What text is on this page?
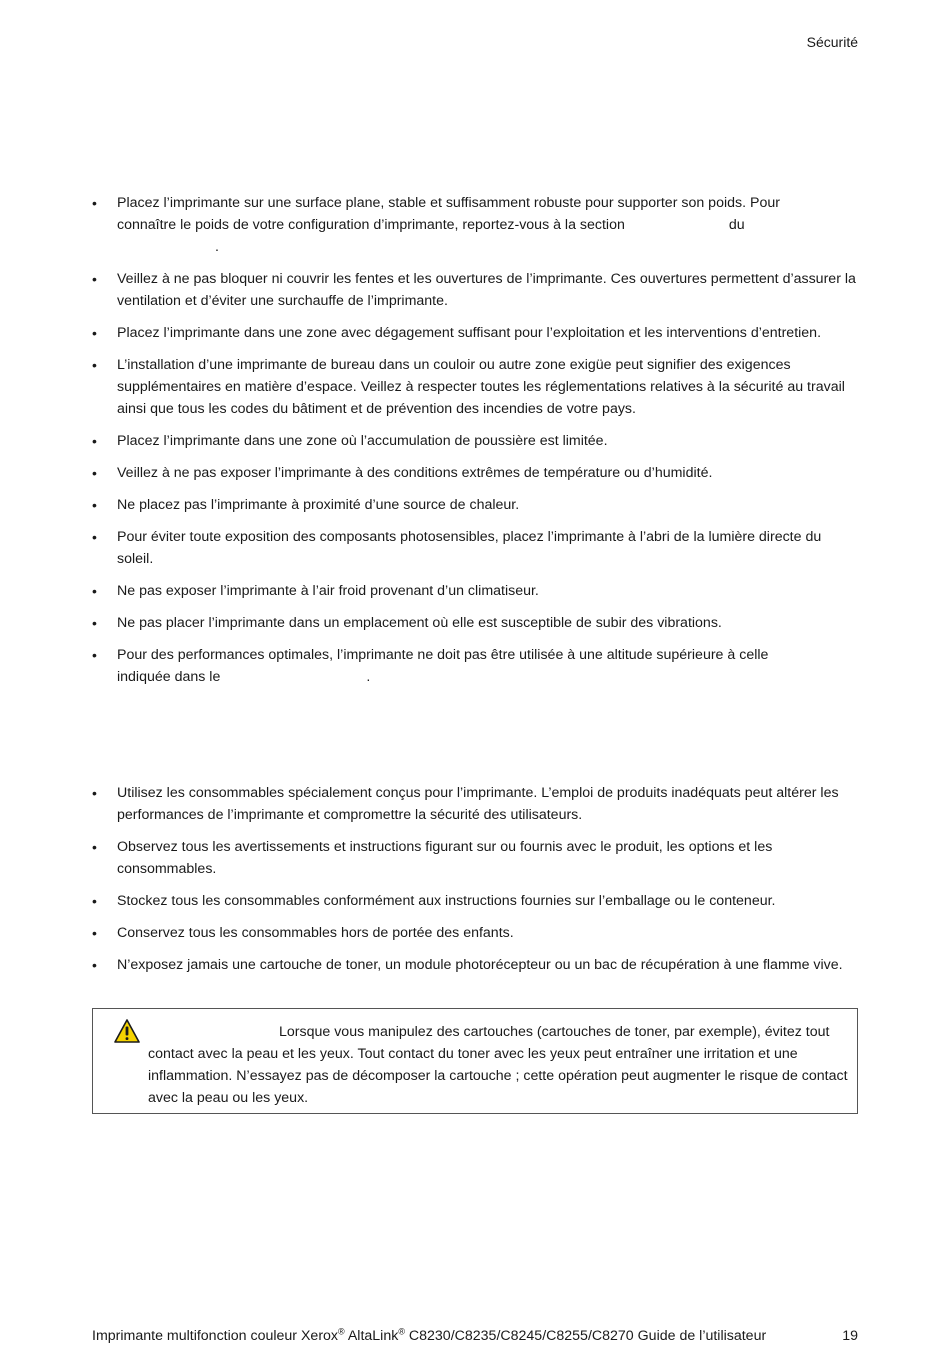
Sécurité
• Placez l’imprimante sur une surface plane, stable et suffisamment robuste pour supporter son poids. Pour
connaître le poids de votre configuration d’imprimante, reportez-vous à la section	du
.
• Veillez à ne pas bloquer ni couvrir les fentes et les ouvertures de l’imprimante. Ces ouvertures permettent d’assurer la ventilation et d’éviter une surchauffe de l’imprimante.
• Placez l’imprimante dans une zone avec dégagement suffisant pour l’exploitation et les interventions d’entretien.
• L’installation d’une imprimante de bureau dans un couloir ou autre zone exigüe peut signifier des exigences supplémentaires en matière d’espace. Veillez à respecter toutes les réglementations relatives à la sécurité au travail ainsi que tous les codes du bâtiment et de prévention des incendies de votre pays.
• Placez l’imprimante dans une zone où l’accumulation de poussière est limitée.
• Veillez à ne pas exposer l’imprimante à des conditions extrêmes de température ou d’humidité.
• Ne placez pas l’imprimante à proximité d’une source de chaleur.
• Pour éviter toute exposition des composants photosensibles, placez l’imprimante à l’abri de la lumière directe du soleil.
• Ne pas exposer l’imprimante à l’air froid provenant d’un climatiseur.
• Ne pas placer l’imprimante dans un emplacement où elle est susceptible de subir des vibrations.
• Pour des performances optimales, l’imprimante ne doit pas être utilisée à une altitude supérieure à celle
indiquée dans le	.
• Utilisez les consommables spécialement conçus pour l’imprimante. L’emploi de produits inadéquats peut altérer les performances de l’imprimante et compromettre la sécurité des utilisateurs.
• Observez tous les avertissements et instructions figurant sur ou fournis avec le produit, les options et les consommables.
• Stockez tous les consommables conformément aux instructions fournies sur l’emballage ou le conteneur.
• Conservez tous les consommables hors de portée des enfants.
• N’exposez jamais une cartouche de toner, un module photorécepteur ou un bac de récupération à une flamme vive.

Lorsque vous manipulez des cartouches (cartouches de toner, par exemple), évitez tout contact avec la peau et les yeux. Tout contact du toner avec les yeux peut entraîner une irritation et une inflammation. N’essayez pas de décomposer la cartouche ; cette opération peut augmenter le risque de contact avec la peau ou les yeux.

Imprimante multifonction couleur Xerox® AltaLink® C8230/C8235/C8245/C8255/C8270 Guide de l’utilisateur	19
